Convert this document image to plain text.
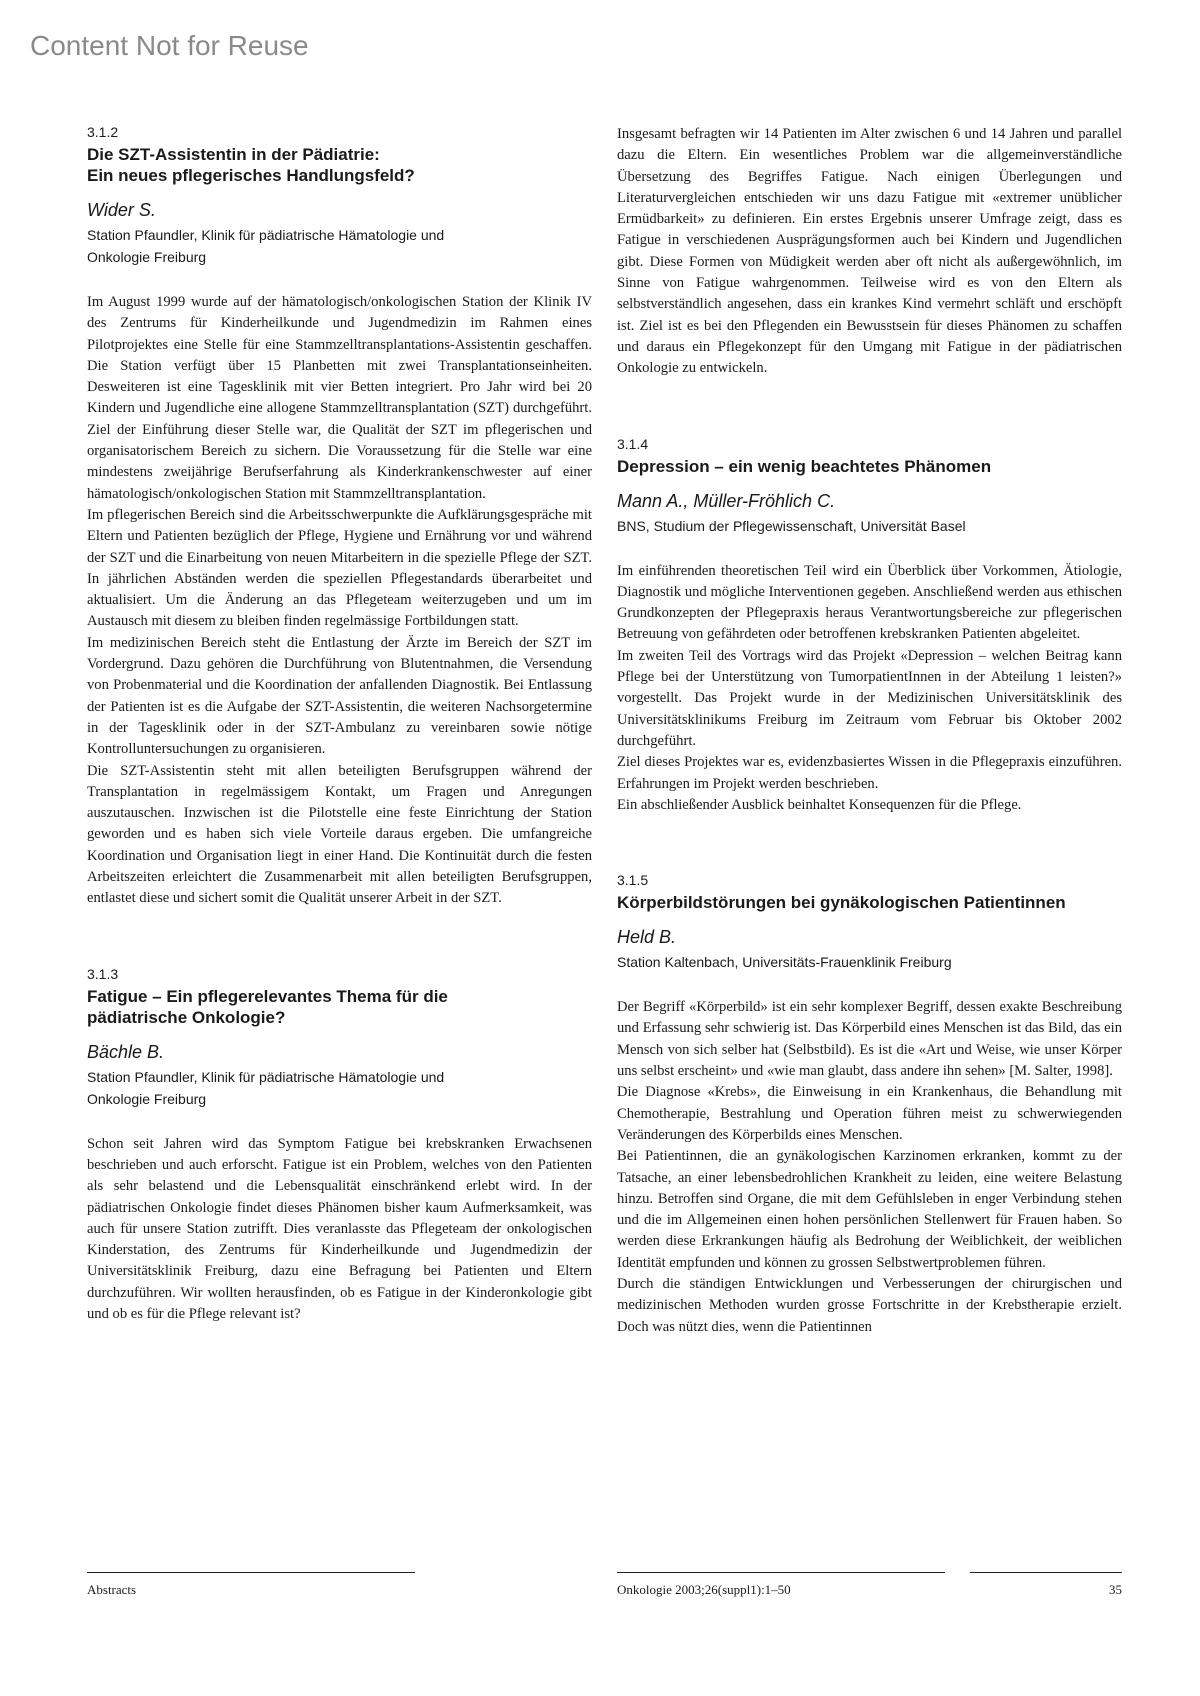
Content Not for Reuse
3.1.2
Die SZT-Assistentin in der Pädiatrie:
Ein neues pflegerisches Handlungsfeld?
Wider S.
Station Pfaundler, Klinik für pädiatrische Hämatologie und
Onkologie Freiburg

Im August 1999 wurde auf der hämatologisch/onkologischen Station der Klinik IV des Zentrums für Kinderheilkunde und Jugendmedizin im Rahmen eines Pilotprojektes eine Stelle für eine Stammzelltransplantations-Assistentin geschaffen. Die Station verfügt über 15 Planbetten mit zwei Transplantationseinheiten. Desweiteren ist eine Tagesklinik mit vier Betten integriert. Pro Jahr wird bei 20 Kindern und Jugendliche eine allogene Stammzelltransplantation (SZT) durchgeführt. Ziel der Einführung dieser Stelle war, die Qualität der SZT im pflegerischen und organisatorischem Bereich zu sichern. Die Voraussetzung für die Stelle war eine mindestens zweijährige Berufserfahrung als Kinderkrankenschwester auf einer hämatologisch/onkologischen Station mit Stammzelltransplantation.

Im pflegerischen Bereich sind die Arbeitsschwerpunkte die Aufklärungsgespräche mit Eltern und Patienten bezüglich der Pflege, Hygiene und Ernährung vor und während der SZT und die Einarbeitung von neuen Mitarbeitern in die spezielle Pflege der SZT. In jährlichen Abständen werden die speziellen Pflegestandards überarbeitet und aktualisiert. Um die Änderung an das Pflegeteam weiterzugeben und um im Austausch mit diesem zu bleiben finden regelmässige Fortbildungen statt.

Im medizinischen Bereich steht die Entlastung der Ärzte im Bereich der SZT im Vordergrund. Dazu gehören die Durchführung von Blutentnahmen, die Versendung von Probenmaterial und die Koordination der anfallenden Diagnostik. Bei Entlassung der Patienten ist es die Aufgabe der SZT-Assistentin, die weiteren Nachsorgetermine in der Tagesklinik oder in der SZT-Ambulanz zu vereinbaren sowie nötige Kontrolluntersuchungen zu organisieren.

Die SZT-Assistentin steht mit allen beteiligten Berufsgruppen während der Transplantation in regelmässigem Kontakt, um Fragen und Anregungen auszutauschen. Inzwischen ist die Pilotstelle eine feste Einrichtung der Station geworden und es haben sich viele Vorteile daraus ergeben. Die umfangreiche Koordination und Organisation liegt in einer Hand. Die Kontinuität durch die festen Arbeitszeiten erleichtert die Zusammenarbeit mit allen beteiligten Berufsgruppen, entlastet diese und sichert somit die Qualität unserer Arbeit in der SZT.

3.1.3
Fatigue – Ein pflegerelevantes Thema für die
pädiatrische Onkologie?
Bächle B.
Station Pfaundler, Klinik für pädiatrische Hämatologie und
Onkologie Freiburg

Schon seit Jahren wird das Symptom Fatigue bei krebskranken Erwachsenen beschrieben und auch erforscht. Fatigue ist ein Problem, welches von den Patienten als sehr belastend und die Lebensqualität einschränkend erlebt wird. In der pädiatrischen Onkologie findet dieses Phänomen bisher kaum Aufmerksamkeit, was auch für unsere Station zutrifft. Dies veranlasste das Pflegeteam der onkologischen Kinderstation, des Zentrums für Kinderheilkunde und Jugendmedizin der Universitätsklinik Freiburg, dazu eine Befragung bei Patienten und Eltern durchzuführen. Wir wollten herausfinden, ob es Fatigue in der Kinderonkologie gibt und ob es für die Pflege relevant ist?

Insgesamt befragten wir 14 Patienten im Alter zwischen 6 und 14 Jahren und parallel dazu die Eltern. Ein wesentliches Problem war die allgemeinverständliche Übersetzung des Begriffes Fatigue. Nach einigen Überlegungen und Literaturvergleichen entschieden wir uns dazu Fatigue mit «extremer unüblicher Ermüdbarkeit» zu definieren. Ein erstes Ergebnis unserer Umfrage zeigt, dass es Fatigue in verschiedenen Ausprägungsformen auch bei Kindern und Jugendlichen gibt. Diese Formen von Müdigkeit werden aber oft nicht als außergewöhnlich, im Sinne von Fatigue wahrgenommen. Teilweise wird es von den Eltern als selbstverständlich angesehen, dass ein krankes Kind vermehrt schläft und erschöpft ist. Ziel ist es bei den Pflegenden ein Bewusstsein für dieses Phänomen zu schaffen und daraus ein Pflegekonzept für den Umgang mit Fatigue in der pädiatrischen Onkologie zu entwickeln.

3.1.4
Depression – ein wenig beachtetes Phänomen
Mann A., Müller-Fröhlich C.
BNS, Studium der Pflegewissenschaft, Universität Basel

Im einführenden theoretischen Teil wird ein Überblick über Vorkommen, Ätiologie, Diagnostik und mögliche Interventionen gegeben. Anschließend werden aus ethischen Grundkonzepten der Pflegepraxis heraus Verantwortungsbereiche zur pflegerischen Betreuung von gefährdeten oder betroffenen krebskranken Patienten abgeleitet.

Im zweiten Teil des Vortrags wird das Projekt «Depression – welchen Beitrag kann Pflege bei der Unterstützung von TumorpatientInnen in der Abteilung 1 leisten?» vorgestellt. Das Projekt wurde in der Medizinischen Universitätsklinik des Universitätsklinikums Freiburg im Zeitraum vom Februar bis Oktober 2002 durchgeführt.

Ziel dieses Projektes war es, evidenzbasiertes Wissen in die Pflegepraxis einzuführen. Erfahrungen im Projekt werden beschrieben.

Ein abschließender Ausblick beinhaltet Konsequenzen für die Pflege.

3.1.5
Körperbildstörungen bei gynäkologischen Patientinnen
Held B.
Station Kaltenbach, Universitäts-Frauenklinik Freiburg

Der Begriff «Körperbild» ist ein sehr komplexer Begriff, dessen exakte Beschreibung und Erfassung sehr schwierig ist. Das Körperbild eines Menschen ist das Bild, das ein Mensch von sich selber hat (Selbstbild). Es ist die «Art und Weise, wie unser Körper uns selbst erscheint» und «wie man glaubt, dass andere ihn sehen» [M. Salter, 1998].

Die Diagnose «Krebs», die Einweisung in ein Krankenhaus, die Behandlung mit Chemotherapie, Bestrahlung und Operation führen meist zu schwerwiegenden Veränderungen des Körperbilds eines Menschen.

Bei Patientinnen, die an gynäkologischen Karzinomen erkranken, kommt zu der Tatsache, an einer lebensbedrohlichen Krankheit zu leiden, eine weitere Belastung hinzu. Betroffen sind Organe, die mit dem Gefühlsleben in enger Verbindung stehen und die im Allgemeinen einen hohen persönlichen Stellenwert für Frauen haben. So werden diese Erkrankungen häufig als Bedrohung der Weiblichkeit, der weiblichen Identität empfunden und können zu grossen Selbstwertproblemen führen.

Durch die ständigen Entwicklungen und Verbesserungen der chirurgischen und medizinischen Methoden wurden grosse Fortschritte in der Krebstherapie erzielt. Doch was nützt dies, wenn die Patientinnen

Abstracts	Onkologie 2003;26(suppl1):1–50	35
